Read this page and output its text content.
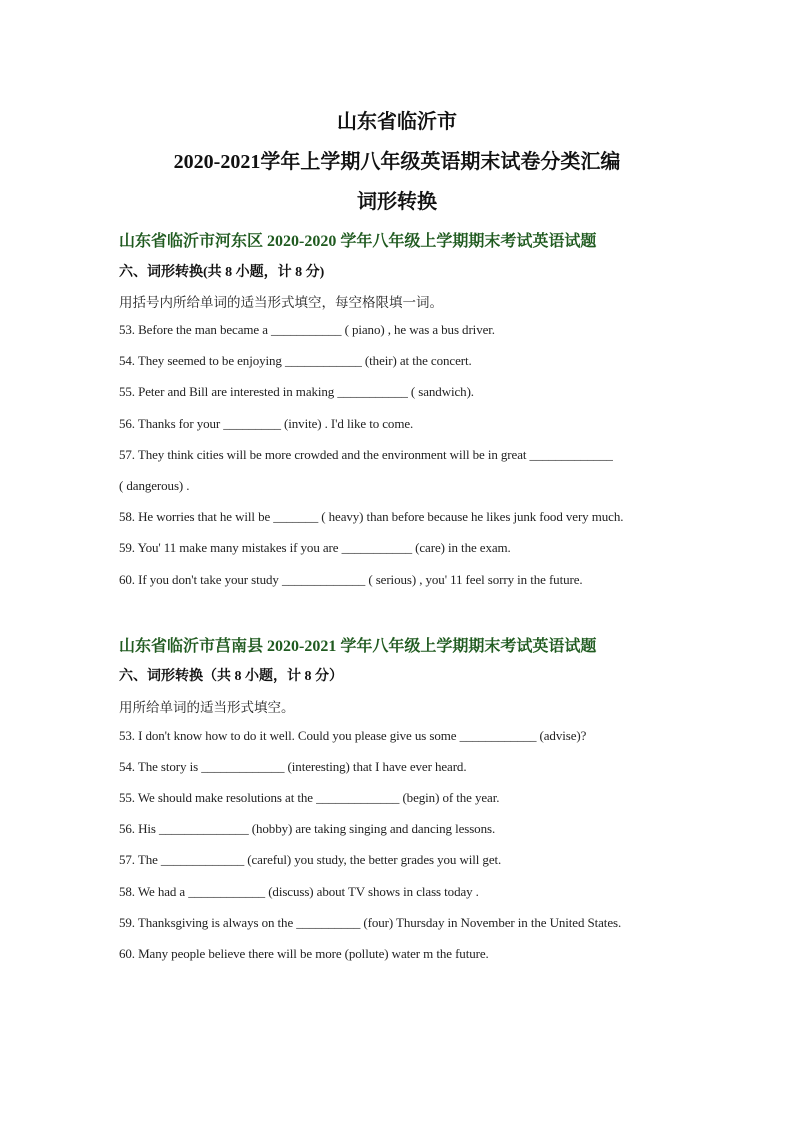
山东省临沂市
2020-2021学年上学期八年级英语期末试卷分类汇编
词形转换
山东省临沂市河东区 2020-2020 学年八年级上学期期末考试英语试题
六、词形转换(共 8 小题，计 8 分)
用括号内所给单词的适当形式填空，每空格限填一词。
53. Before the man became a ___________ ( piano) , he was a bus driver.
54. They seemed to be enjoying ____________ (their) at the concert.
55. Peter and Bill are interested in making ___________ ( sandwich).
56. Thanks for your _________ (invite) . I'd like to come.
57. They think cities will be more crowded and the environment will be in great _____________
( dangerous) .
58. He worries that he will be _______ ( heavy) than before because he likes junk food very much.
59. You' 11 make many mistakes if you are ___________ (care) in the exam.
60. If you don't take your study _____________ ( serious) , you' 11 feel sorry in the future.
山东省临沂市莒南县 2020-2021 学年八年级上学期期末考试英语试题
六、词形转换（共 8 小题，计 8 分）
用所给单词的适当形式填空。
53. I don't know how to do it well. Could you please give us some ____________ (advise)?
54. The story is _____________ (interesting) that I have ever heard.
55. We should make resolutions at the _____________ (begin) of the year.
56. His ______________ (hobby) are taking singing and dancing lessons.
57. The _____________ (careful) you study, the better grades you will get.
58. We had a ____________ (discuss) about TV shows in class today .
59. Thanksgiving is always on the __________ (four) Thursday in November in the United States.
60. Many people believe there will be more (pollute) water m the future.
